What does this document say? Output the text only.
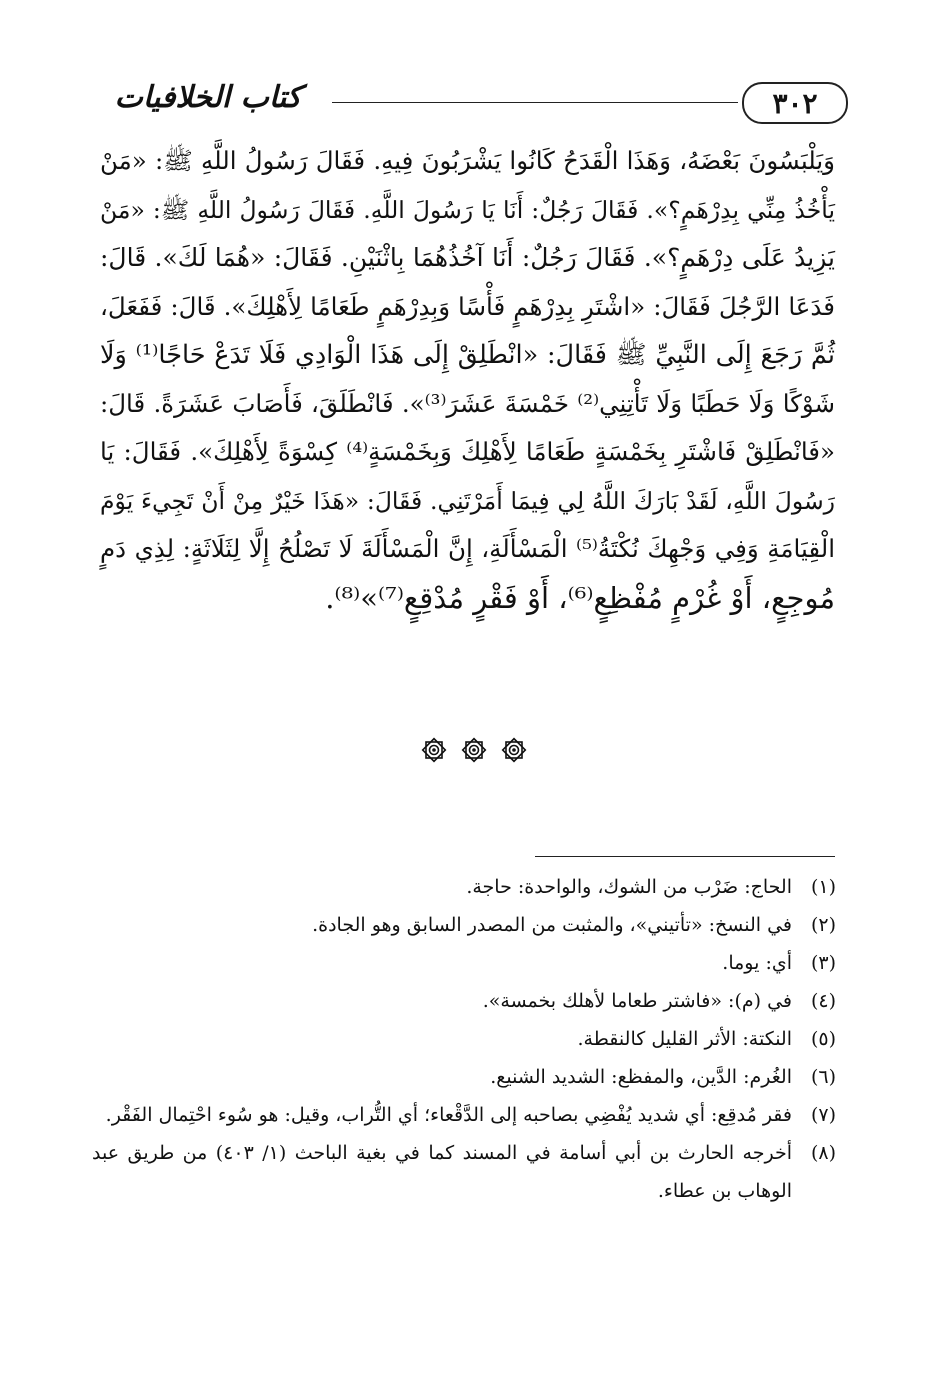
كتاب الخلافيات	٣٠٢
وَيَلْبَسُونَ بَعْضَهُ، وَهَذَا الْقَدَحُ كَانُوا يَشْرَبُونَ فِيهِ. فَقَالَ رَسُولُ اللَّهِ ﷺ: «مَنْ
يَأْخُذُ مِنِّي بِدِرْهَمٍ؟». فَقَالَ رَجُلٌ: أَنَا يَا رَسُولَ اللَّهِ. فَقَالَ رَسُولُ اللَّهِ ﷺ: «مَنْ
يَزِيدُ عَلَى دِرْهَمٍ؟». فَقَالَ رَجُلٌ: أَنَا آخُذُهُمَا بِاثْنَيْنِ. فَقَالَ: «هُمَا لَكَ». قَالَ:
فَدَعَا الرَّجُلَ فَقَالَ: «اشْتَرِ بِدِرْهَمٍ فَأْسًا وَبِدِرْهَمٍ طَعَامًا لِأَهْلِكَ». قَالَ: فَفَعَلَ،
ثُمَّ رَجَعَ إِلَى النَّبِيِّ ﷺ فَقَالَ: «انْطَلِقْ إِلَى هَذَا الْوَادِي فَلَا تَدَعْ حَاجًا⁽¹⁾ وَلَا
شَوْكًا وَلَا حَطَبًا وَلَا تَأْتِنِي⁽²⁾ خَمْسَةَ عَشَرَ⁽³⁾». فَانْطَلَقَ، فَأَصَابَ عَشَرَةً. قَالَ:
«فَانْطَلِقْ فَاشْتَرِ بِخَمْسَةٍ طَعَامًا لِأَهْلِكَ وَبِخَمْسَةٍ⁽⁴⁾ كِسْوَةً لِأَهْلِكَ». فَقَالَ: يَا
رَسُولَ اللَّهِ، لَقَدْ بَارَكَ اللَّهُ لِي فِيمَا أَمَرْتَنِي. فَقَالَ: «هَذَا خَيْرٌ مِنْ أَنْ تَجِيءَ يَوْمَ
الْقِيَامَةِ وَفِي وَجْهِكَ نُكْتَةُ⁽⁵⁾ الْمَسْأَلَةِ، إِنَّ الْمَسْأَلَةَ لَا تَصْلُحُ إِلَّا لِثَلَاثَةٍ: لِذِي دَمٍ
مُوجِعٍ، أَوْ غُرْمٍ مُفْظِعٍ⁽⁶⁾، أَوْ فَقْرٍ مُدْقِعٍ⁽⁷⁾»⁽⁸⁾.
(١)
الحاج: ضَرْب من الشوك، والواحدة: حاجة.
(٢)
في النسخ: «تأتيني»، والمثبت من المصدر السابق وهو الجادة.
(٣)
أي: يوما.
(٤)
في (م): «فاشتر طعاما لأهلك بخمسة».
(٥)
النكتة: الأثر القليل كالنقطة.
(٦)
الغُرم: الدَّين، والمفظع: الشديد الشنيع.
(٧)
فقر مُدقِع: أي شديد يُفْضِي بصاحبه إلى الدَّقْعاء؛ أي التُّراب، وقيل: هو سُوء احْتِمال الفَقْر.
(٨)
أخرجه الحارث بن أبي أسامة في المسند كما في بغية الباحث (١/ ٤٠٣) من طريق عبد الوهاب بن عطاء.
